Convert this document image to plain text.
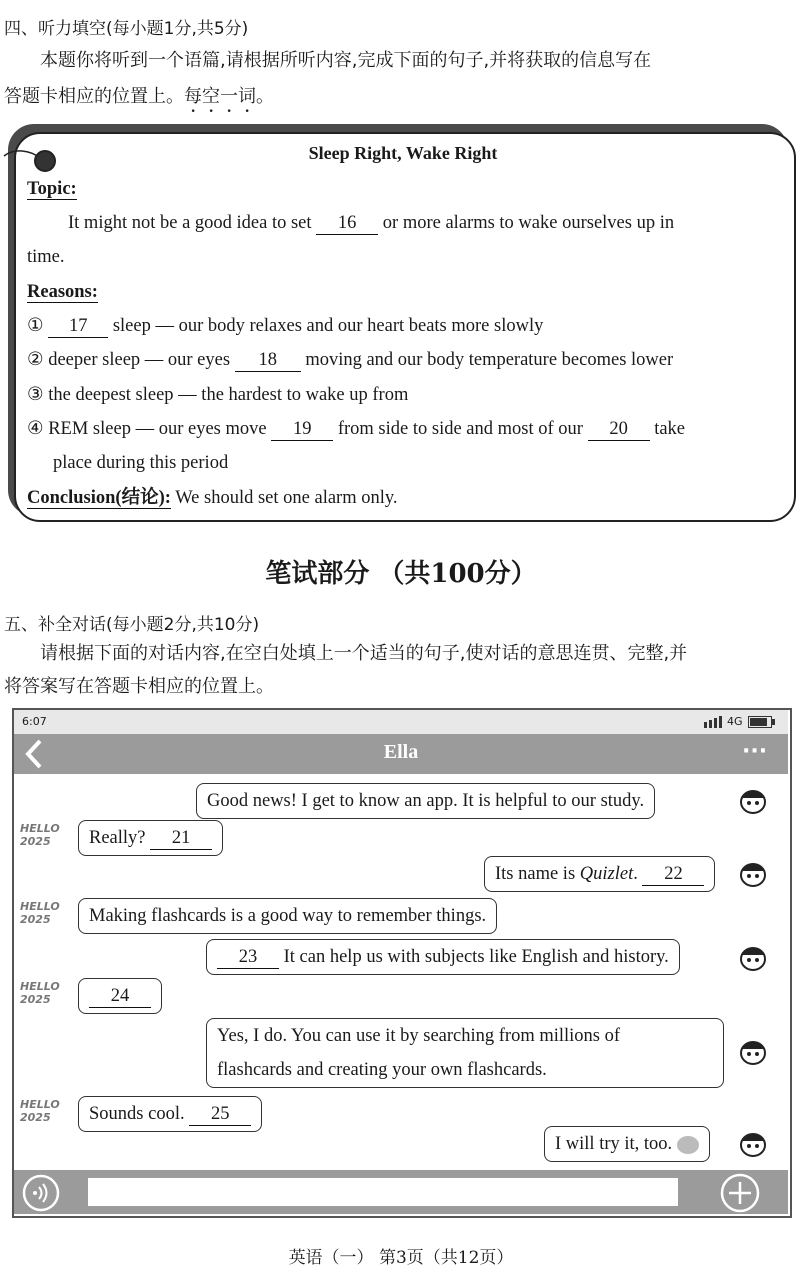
四、听力填空(每小题1分,共5分)
本题你将听到一个语篇,请根据所听内容,完成下面的句子,并将获取的信息写在
答题卡相应的位置上。每空一词。
Sleep Right, Wake Right
Topic:
It might not be a good idea to set 16 or more alarms to wake ourselves up in
time.
Reasons:
① 17 sleep — our body relaxes and our heart beats more slowly
② deeper sleep — our eyes 18 moving and our body temperature becomes lower
③ the deepest sleep — the hardest to wake up from
④ REM sleep — our eyes move 19 from side to side and most of our 20 take
place during this period
Conclusion(结论): We should set one alarm only.
笔试部分 （共100分）
五、补全对话(每小题2分,共10分)
请根据下面的对话内容,在空白处填上一个适当的句子,使对话的意思连贯、完整,并
将答案写在答题卡相应的位置上。
6:07	4G
Ella	···
Good news! I get to know an app. It is helpful to our study.
Really? 21
Its name is Quizlet. 22
Making flashcards is a good way to remember things.
23 It can help us with subjects like English and history.
24
Yes, I do. You can use it by searching from millions of
flashcards and creating your own flashcards.
Sounds cool. 25
I will try it, too.
HELLO 2025
HELLO 2025
HELLO 2025
HELLO 2025
英语（一） 第3页（共12页）
